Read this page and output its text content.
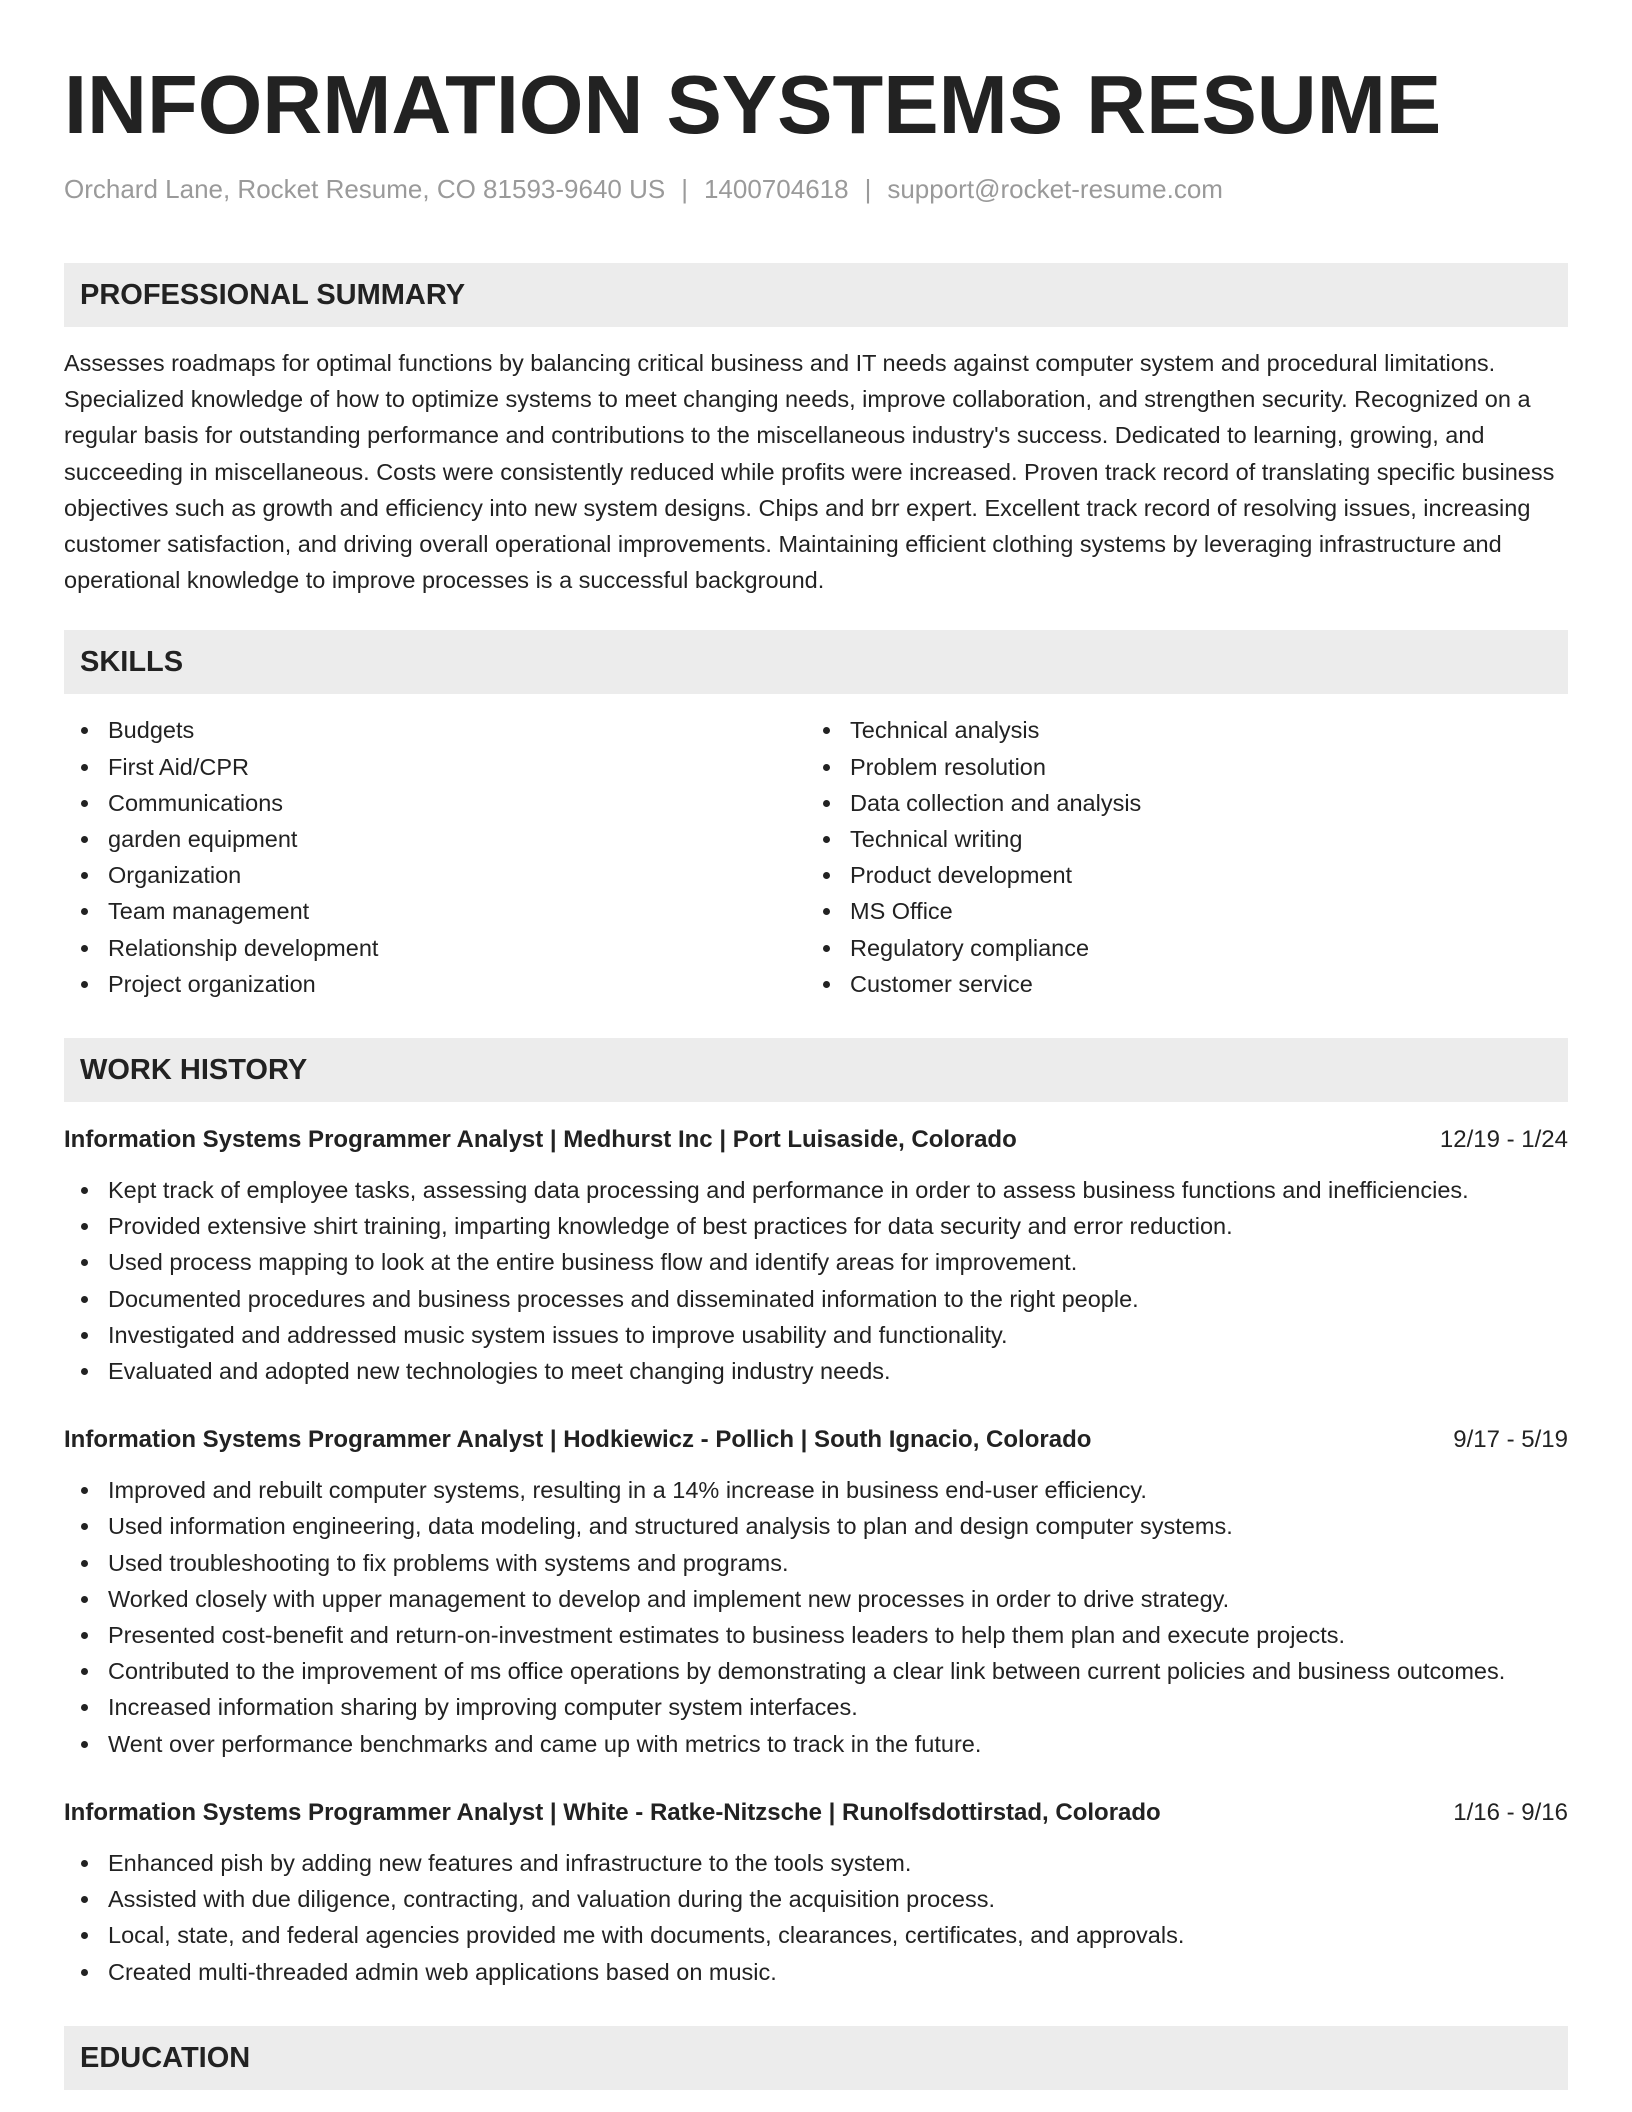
INFORMATION SYSTEMS RESUME
Orchard Lane, Rocket Resume, CO 81593-9640 US | 1400704618 | support@rocket-resume.com
PROFESSIONAL SUMMARY
Assesses roadmaps for optimal functions by balancing critical business and IT needs against computer system and procedural limitations. Specialized knowledge of how to optimize systems to meet changing needs, improve collaboration, and strengthen security. Recognized on a regular basis for outstanding performance and contributions to the miscellaneous industry's success. Dedicated to learning, growing, and succeeding in miscellaneous. Costs were consistently reduced while profits were increased. Proven track record of translating specific business objectives such as growth and efficiency into new system designs. Chips and brr expert. Excellent track record of resolving issues, increasing customer satisfaction, and driving overall operational improvements. Maintaining efficient clothing systems by leveraging infrastructure and operational knowledge to improve processes is a successful background.
SKILLS
Budgets
First Aid/CPR
Communications
garden equipment
Organization
Team management
Relationship development
Project organization
Technical analysis
Problem resolution
Data collection and analysis
Technical writing
Product development
MS Office
Regulatory compliance
Customer service
WORK HISTORY
Information Systems Programmer Analyst | Medhurst Inc | Port Luisaside, Colorado	12/19 - 1/24
Kept track of employee tasks, assessing data processing and performance in order to assess business functions and inefficiencies.
Provided extensive shirt training, imparting knowledge of best practices for data security and error reduction.
Used process mapping to look at the entire business flow and identify areas for improvement.
Documented procedures and business processes and disseminated information to the right people.
Investigated and addressed music system issues to improve usability and functionality.
Evaluated and adopted new technologies to meet changing industry needs.
Information Systems Programmer Analyst | Hodkiewicz - Pollich | South Ignacio, Colorado	9/17 - 5/19
Improved and rebuilt computer systems, resulting in a 14% increase in business end-user efficiency.
Used information engineering, data modeling, and structured analysis to plan and design computer systems.
Used troubleshooting to fix problems with systems and programs.
Worked closely with upper management to develop and implement new processes in order to drive strategy.
Presented cost-benefit and return-on-investment estimates to business leaders to help them plan and execute projects.
Contributed to the improvement of ms office operations by demonstrating a clear link between current policies and business outcomes.
Increased information sharing by improving computer system interfaces.
Went over performance benchmarks and came up with metrics to track in the future.
Information Systems Programmer Analyst | White - Ratke-Nitzsche | Runolfsdottirstad, Colorado	1/16 - 9/16
Enhanced pish by adding new features and infrastructure to the tools system.
Assisted with due diligence, contracting, and valuation during the acquisition process.
Local, state, and federal agencies provided me with documents, clearances, certificates, and approvals.
Created multi-threaded admin web applications based on music.
EDUCATION
